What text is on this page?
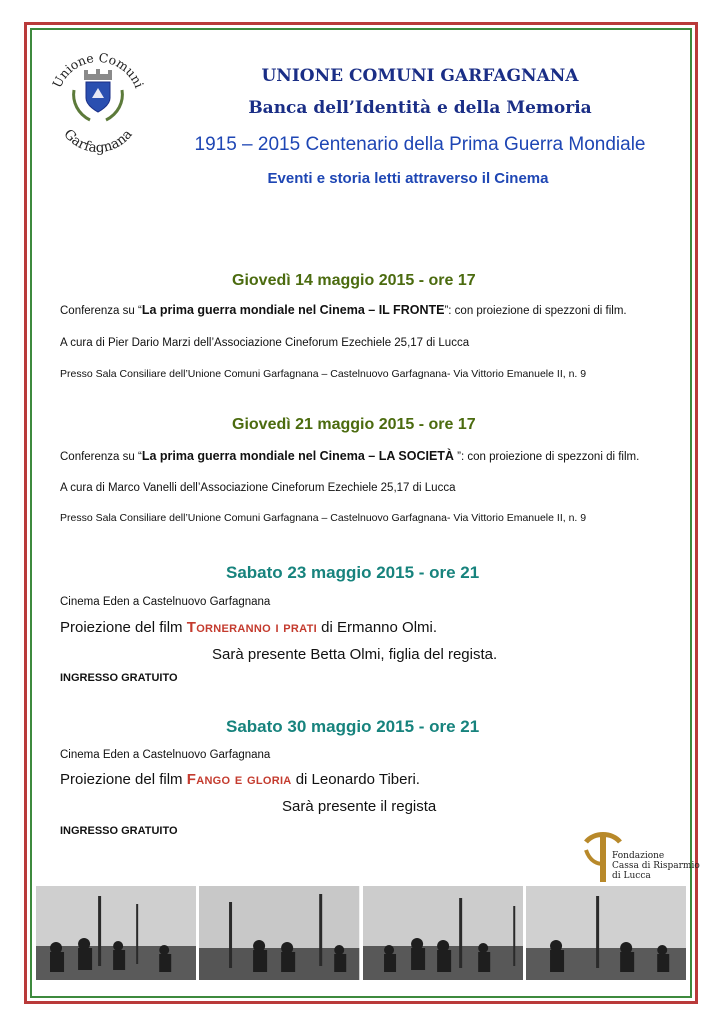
Unione Comuni
Garfagnana
UNIONE COMUNI GARFAGNANA
Banca dell’Identità e della Memoria
1915 – 2015 Centenario della Prima Guerra Mondiale
Eventi e storia letti attraverso il Cinema
Giovedì 14 maggio 2015 - ore 17
Conferenza su “La prima guerra mondiale nel Cinema – IL FRONTE”: con proiezione di spezzoni di film.
A cura di Pier Dario Marzi dell’Associazione Cineforum Ezechiele 25,17 di Lucca
Presso Sala Consiliare dell’Unione Comuni Garfagnana – Castelnuovo Garfagnana- Via Vittorio Emanuele II, n. 9
Giovedì 21 maggio 2015 - ore 17
Conferenza su “La prima guerra mondiale nel Cinema – LA SOCIETÀ ”: con proiezione di spezzoni di film.
A cura di Marco Vanelli dell’Associazione Cineforum Ezechiele 25,17 di Lucca
Presso Sala Consiliare dell’Unione Comuni Garfagnana – Castelnuovo Garfagnana- Via Vittorio Emanuele II, n. 9
Sabato 23 maggio 2015 - ore 21
Cinema Eden a Castelnuovo Garfagnana
Proiezione del film Torneranno i prati di Ermanno Olmi.
Sarà presente Betta Olmi, figlia del regista.
INGRESSO GRATUITO
Sabato 30 maggio 2015 - ore 21
Cinema Eden a Castelnuovo Garfagnana
Proiezione del film Fango e gloria di Leonardo Tiberi.
Sarà presente il regista
INGRESSO GRATUITO
Fondazione
Cassa di Risparmio
di Lucca
